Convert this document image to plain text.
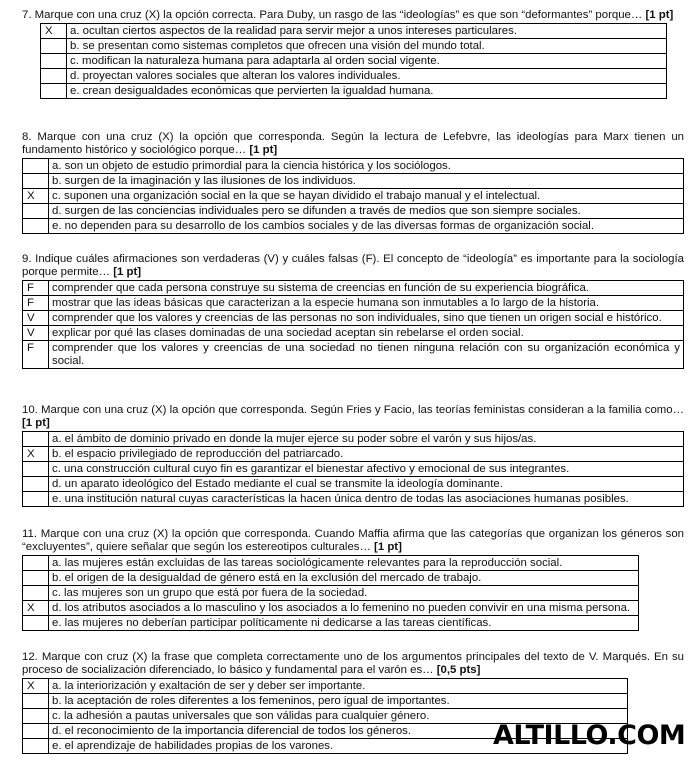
7. Marque con una cruz (X) la opción correcta. Para Duby, un rasgo de las “ideologías” es que son “deformantes” porque… [1 pt]

X	a. ocultan ciertos aspectos de la realidad para servir mejor a unos intereses particulares.
	b. se presentan como sistemas completos que ofrecen una visión del mundo total.
	c. modifican la naturaleza humana para adaptarla al orden social vigente.
	d. proyectan valores sociales que alteran los valores individuales.
	e. crean desigualdades económicas que pervierten la igualdad humana.

8. Marque con una cruz (X) la opción que corresponda. Según la lectura de Lefebvre, las ideologías para Marx tienen un fundamento histórico y sociológico porque… [1 pt]

	a. son un objeto de estudio primordial para la ciencia histórica y los sociólogos.
	b. surgen de la imaginación y las ilusiones de los individuos.
X	c. suponen una organización social en la que se hayan dividido el trabajo manual y el intelectual.
	d. surgen de las conciencias individuales pero se difunden a través de medios que son siempre sociales.
	e. no dependen para su desarrollo de los cambios sociales y de las diversas formas de organización social.

9. Indique cuáles afirmaciones son verdaderas (V) y cuáles falsas (F). El concepto de “ideología” es importante para la sociología porque permite… [1 pt]

F	comprender que cada persona construye su sistema de creencias en función de su experiencia biográfica.
F	mostrar que las ideas básicas que caracterizan a la especie humana son inmutables a lo largo de la historia.
V	comprender que los valores y creencias de las personas no son individuales, sino que tienen un origen social e histórico.
V	explicar por qué las clases dominadas de una sociedad aceptan sin rebelarse el orden social.
F	comprender que los valores y creencias de una sociedad no tienen ninguna relación con su organización económica y social.

10. Marque con una cruz (X) la opción que corresponda. Según Fries y Facio, las teorías feministas consideran a la familia como… [1 pt]

	a. el ámbito de dominio privado en donde la mujer ejerce su poder sobre el varón y sus hijos/as.
X	b. el espacio privilegiado de reproducción del patriarcado.
	c. una construcción cultural cuyo fin es garantizar el bienestar afectivo y emocional de sus integrantes.
	d. un aparato ideológico del Estado mediante el cual se transmite la ideología dominante.
	e. una institución natural cuyas características la hacen única dentro de todas las asociaciones humanas posibles.

11. Marque con una cruz (X) la opción que corresponda. Cuando Maffia afirma que las categorías que organizan los géneros son “excluyentes”, quiere señalar que según los estereotipos culturales… [1 pt]

	a. las mujeres están excluidas de las tareas sociológicamente relevantes para la reproducción social.
	b. el origen de la desigualdad de género está en la exclusión del mercado de trabajo.
	c. las mujeres son un grupo que está por fuera de la sociedad.
X	d. los atributos asociados a lo masculino y los asociados a lo femenino no pueden convivir en una misma persona.
	e. las mujeres no deberían participar políticamente ni dedicarse a las tareas científicas.

12. Marque con cruz (X) la frase que completa correctamente uno de los argumentos principales del texto de V. Marqués. En su proceso de socialización diferenciado, lo básico y fundamental para el varón es… [0,5 pts]

X	a. la interiorización y exaltación de ser y deber ser importante.
	b. la aceptación de roles diferentes a los femeninos, pero igual de importantes.
	c. la adhesión a pautas universales que son válidas para cualquier género.
	d. el reconocimiento de la importancia diferencial de todos los géneros.
	e. el aprendizaje de habilidades propias de los varones.	ALTILLO.COM
